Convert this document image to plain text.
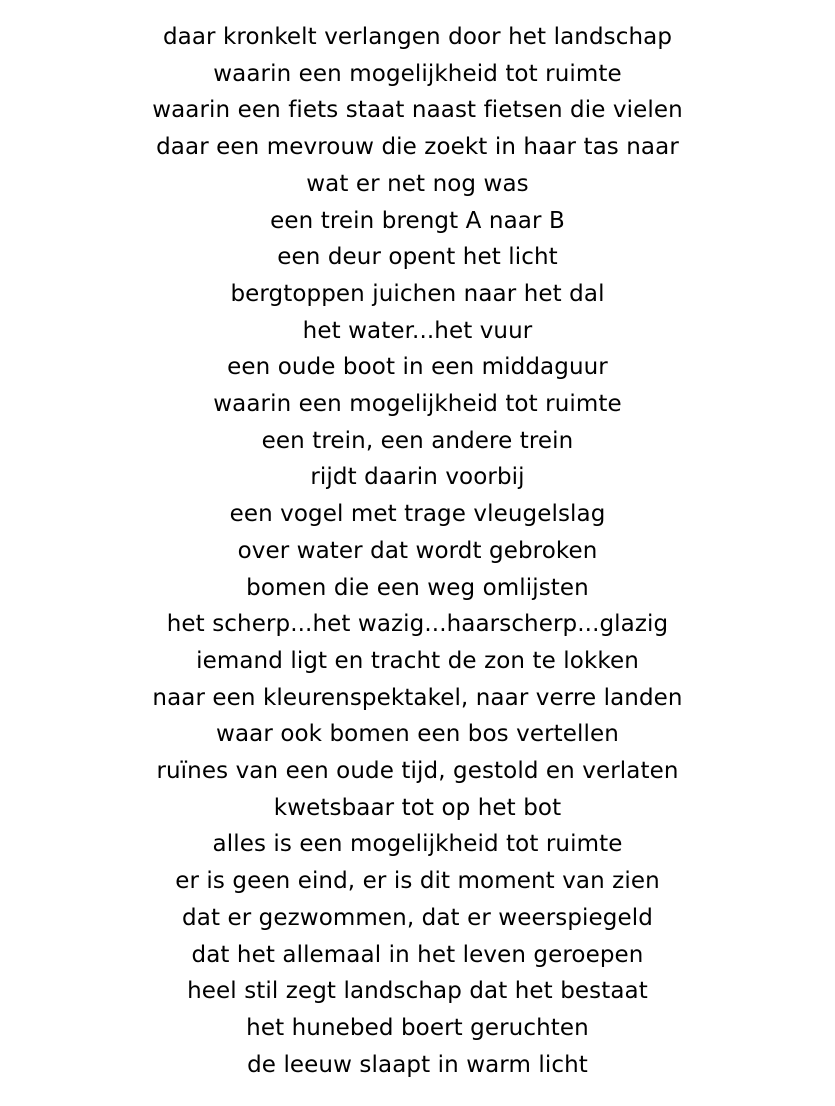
daar kronkelt verlangen door het landschap
waarin een mogelijkheid tot ruimte
waarin een fiets staat naast fietsen die vielen
daar een mevrouw die zoekt in haar tas naar
wat er net nog was
een trein brengt A naar B
een deur opent het licht
bergtoppen juichen naar het dal
het water...het vuur
een oude boot in een middaguur
waarin een mogelijkheid tot ruimte
een trein, een andere trein
rijdt daarin voorbij
een vogel met trage vleugelslag
over water dat wordt gebroken
bomen die een weg omlijsten
het scherp...het wazig...haarscherp...glazig
iemand ligt en tracht de zon te lokken
naar een kleurenspektakel, naar verre landen
waar ook bomen een bos vertellen
ruïnes van een oude tijd, gestold en verlaten
kwetsbaar tot op het bot
alles is een mogelijkheid tot ruimte
er is geen eind, er is dit moment van zien
dat er gezwommen, dat er weerspiegeld
dat het allemaal in het leven geroepen
heel stil zegt landschap dat het bestaat
het hunebed boert geruchten
de leeuw slaapt in warm licht
